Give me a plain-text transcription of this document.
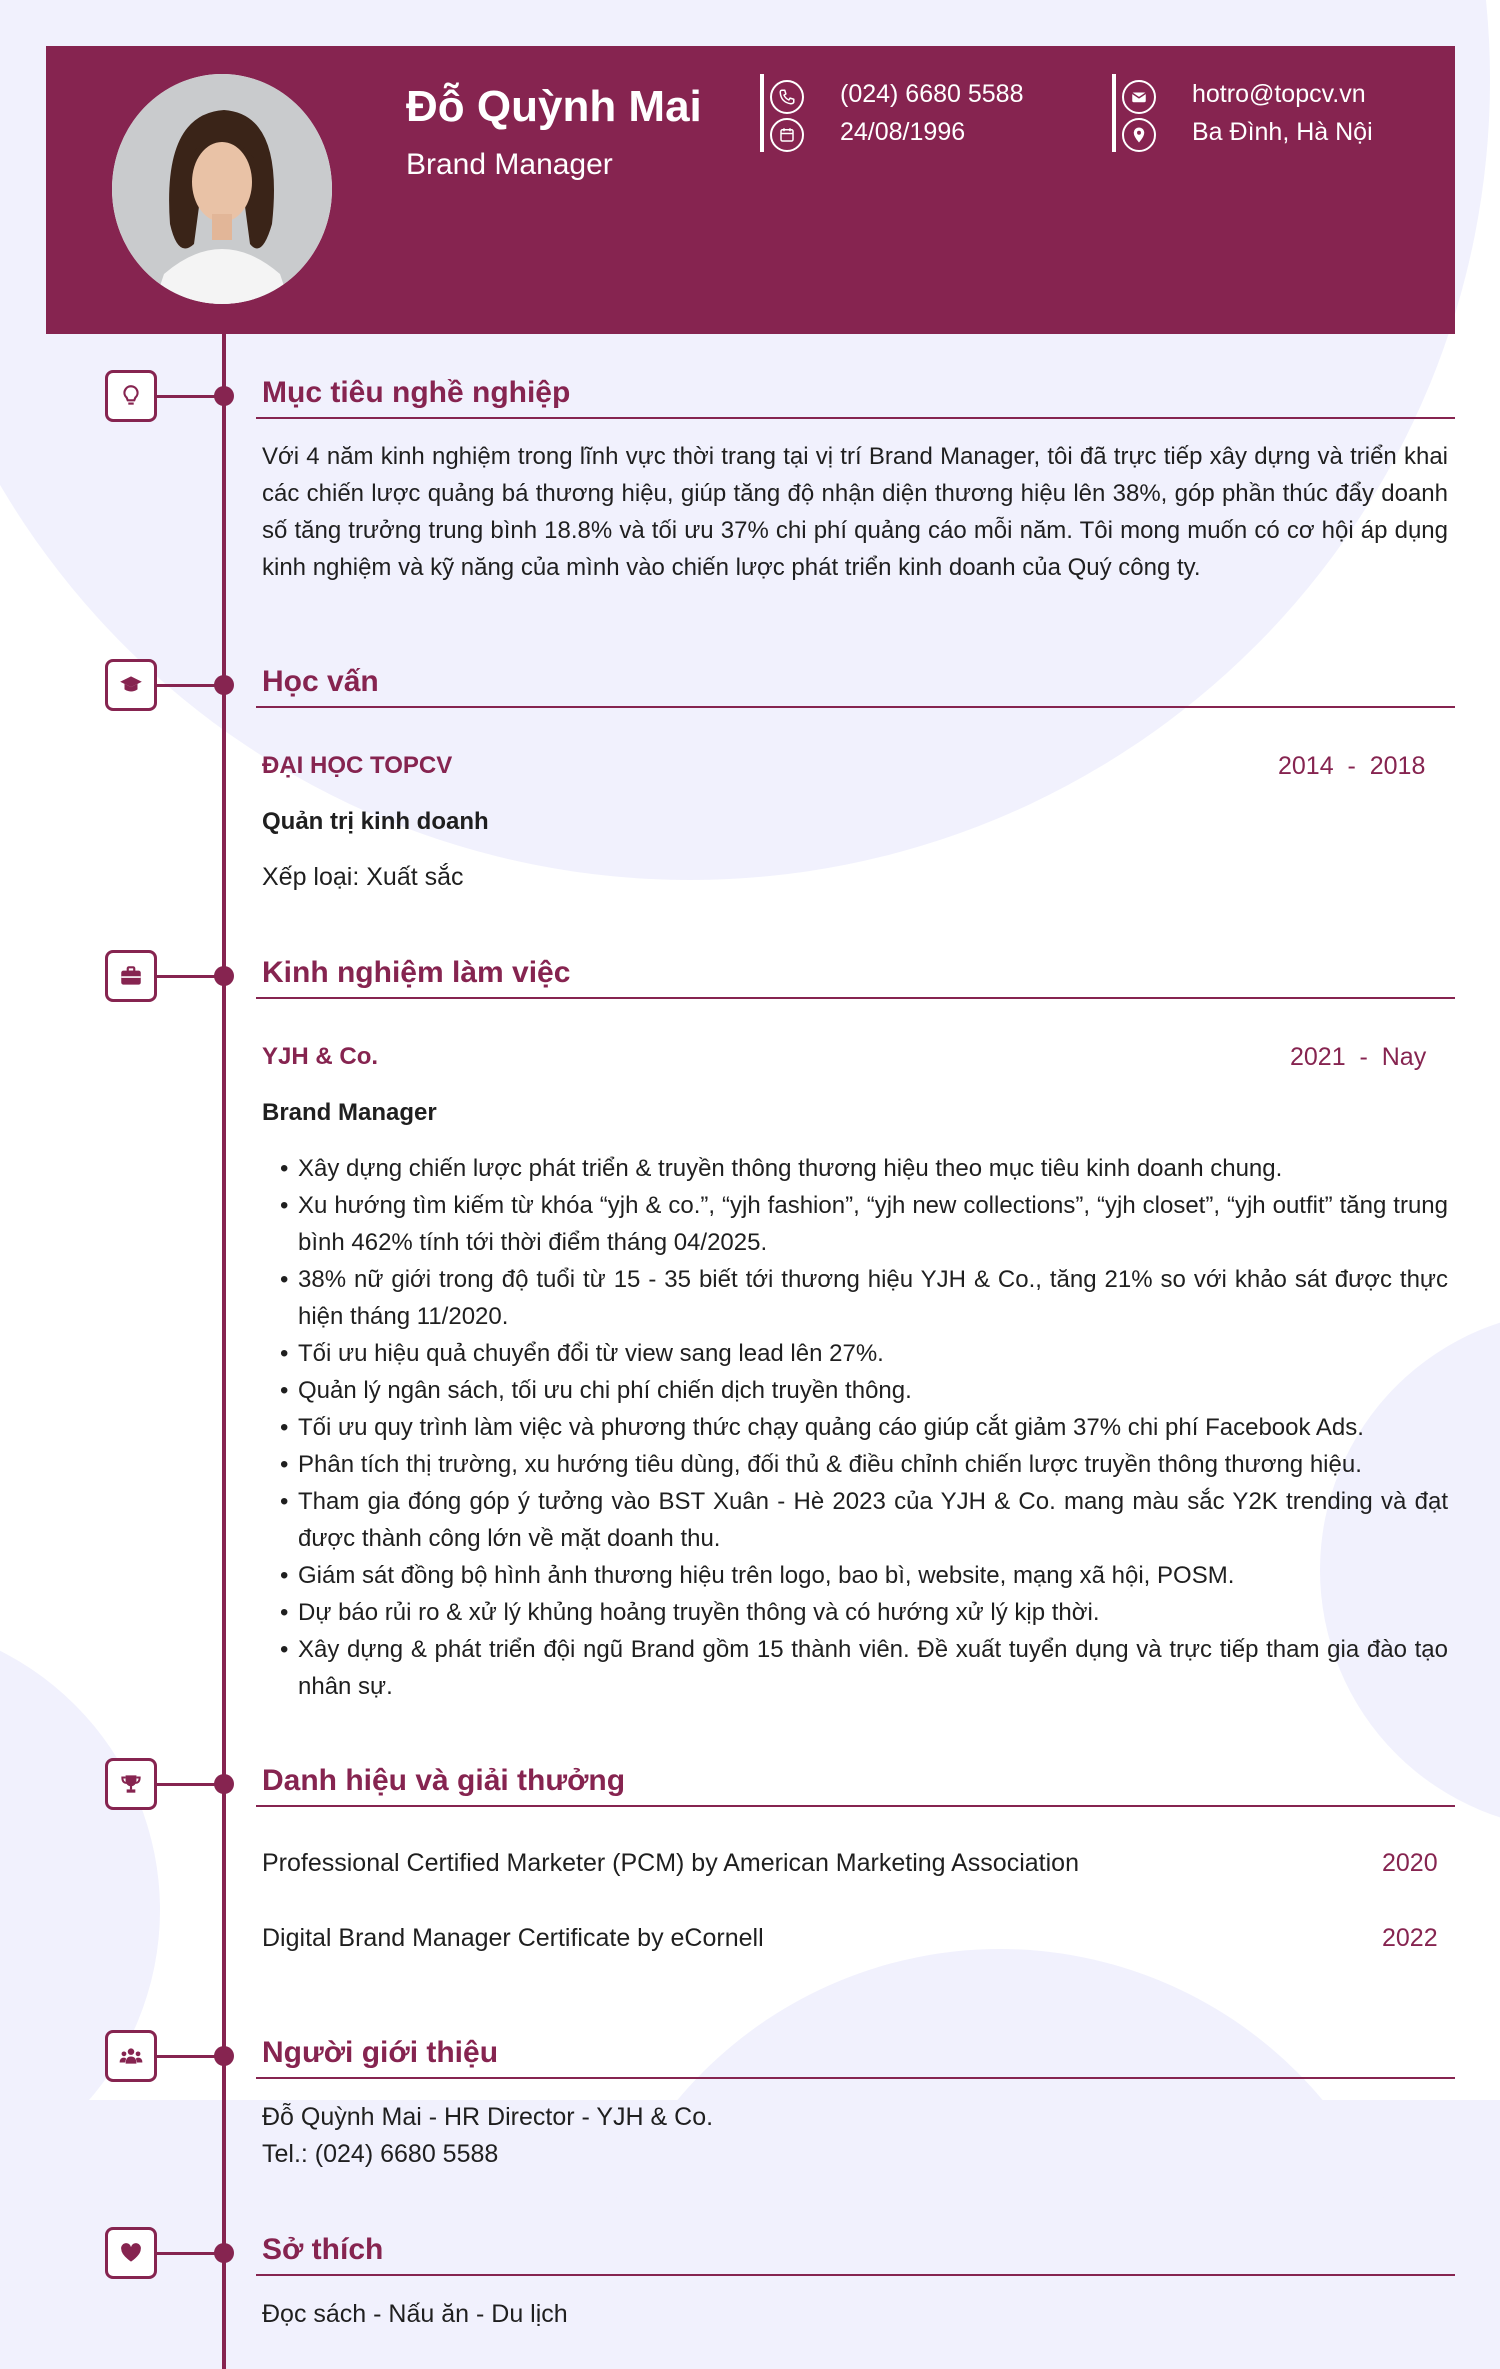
Đỗ Quỳnh Mai
Brand Manager
(024) 6680 5588
24/08/1996
hotro@topcv.vn
Ba Đình, Hà Nội
Mục tiêu nghề nghiệp
Với 4 năm kinh nghiệm trong lĩnh vực thời trang tại vị trí Brand Manager, tôi đã trực tiếp xây dựng và triển khai các chiến lược quảng bá thương hiệu, giúp tăng độ nhận diện thương hiệu lên 38%, góp phần thúc đẩy doanh số tăng trưởng trung bình 18.8% và tối ưu 37% chi phí quảng cáo mỗi năm. Tôi mong muốn có cơ hội áp dụng kinh nghiệm và kỹ năng của mình vào chiến lược phát triển kinh doanh của Quý công ty.
Học vấn
ĐẠI HỌC TOPCV	2014  -  2018
Quản trị kinh doanh
Xếp loại: Xuất sắc
Kinh nghiệm làm việc
YJH & Co.	2021  -  Nay
Brand Manager
• Xây dựng chiến lược phát triển & truyền thông thương hiệu theo mục tiêu kinh doanh chung.
• Xu hướng tìm kiếm từ khóa “yjh & co.”, “yjh fashion”, “yjh new collections”, “yjh closet”, “yjh outfit” tăng trung bình 462% tính tới thời điểm tháng 04/2025.
• 38% nữ giới trong độ tuổi từ 15 - 35 biết tới thương hiệu YJH & Co., tăng 21% so với khảo sát được thực hiện tháng 11/2020.
• Tối ưu hiệu quả chuyển đổi từ view sang lead lên 27%.
• Quản lý ngân sách, tối ưu chi phí chiến dịch truyền thông.
• Tối ưu quy trình làm việc và phương thức chạy quảng cáo giúp cắt giảm 37% chi phí Facebook Ads.
• Phân tích thị trường, xu hướng tiêu dùng, đối thủ & điều chỉnh chiến lược truyền thông thương hiệu.
• Tham gia đóng góp ý tưởng vào BST Xuân - Hè 2023 của YJH & Co. mang màu sắc Y2K trending và đạt được thành công lớn về mặt doanh thu.
• Giám sát đồng bộ hình ảnh thương hiệu trên logo, bao bì, website, mạng xã hội, POSM.
• Dự báo rủi ro & xử lý khủng hoảng truyền thông và có hướng xử lý kịp thời.
• Xây dựng & phát triển đội ngũ Brand gồm 15 thành viên. Đề xuất tuyển dụng và trực tiếp tham gia đào tạo nhân sự.
Danh hiệu và giải thưởng
Professional Certified Marketer (PCM) by American Marketing Association	2020
Digital Brand Manager Certificate by eCornell	2022
Người giới thiệu
Đỗ Quỳnh Mai - HR Director - YJH & Co.
Tel.: (024) 6680 5588
Sở thích
Đọc sách - Nấu ăn - Du lịch
